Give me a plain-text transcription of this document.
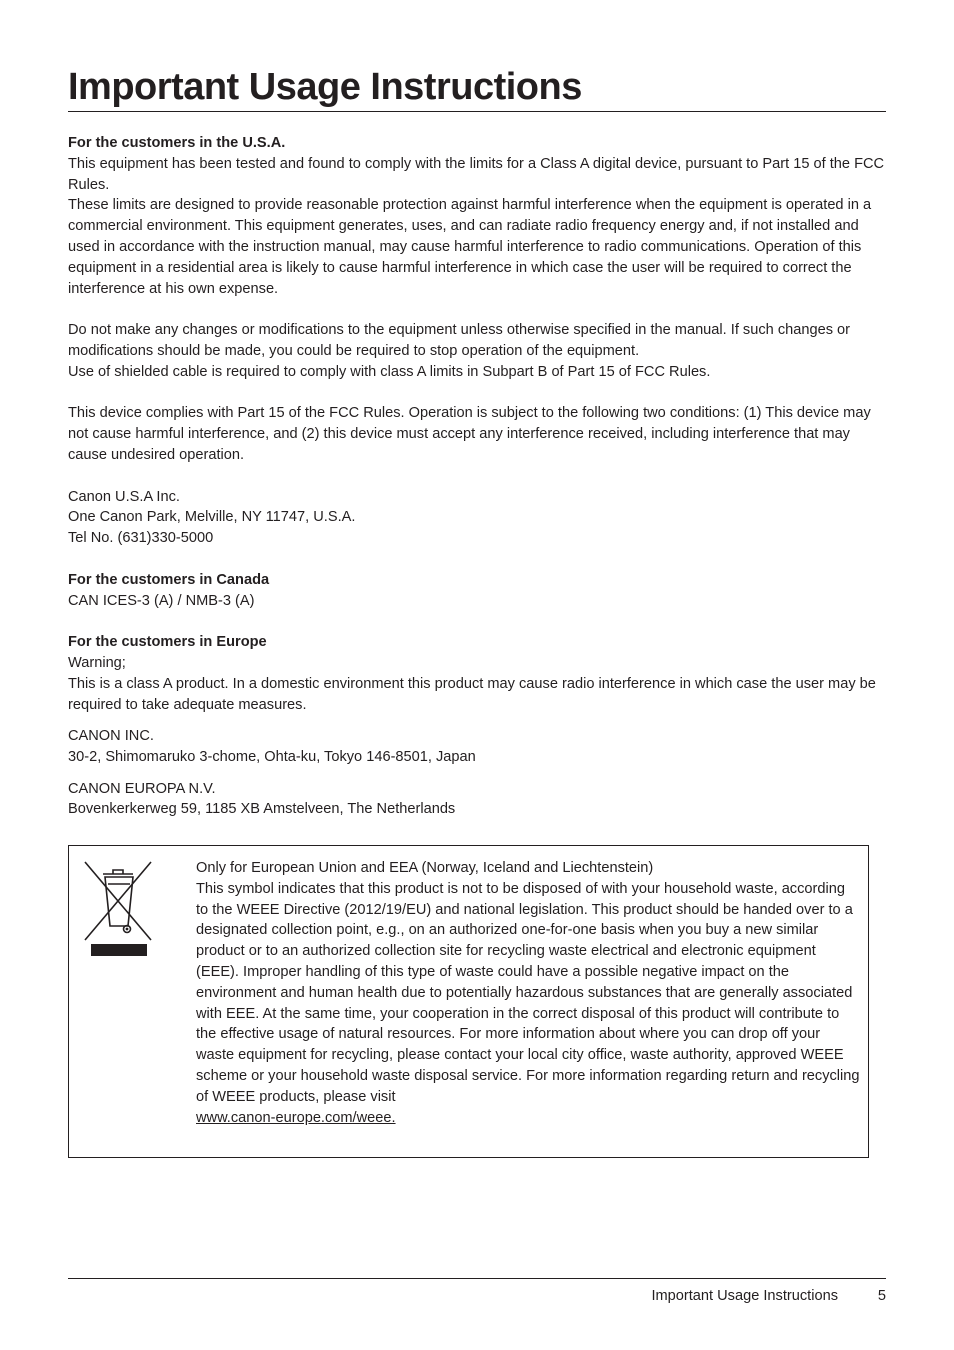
Important Usage Instructions

For the customers in the U.S.A.

This equipment has been tested and found to comply with the limits for a Class A digital device, pursuant to Part 15 of the FCC Rules.

These limits are designed to provide reasonable protection against harmful interference when the equipment is operated in a commercial environment. This equipment generates, uses, and can radiate radio frequency energy and, if not installed and used in accordance with the instruction manual, may cause harmful interference to radio communications. Operation of this equipment in a residential area is likely to cause harmful interference in which case the user will be required to correct the interference at his own expense.

Do not make any changes or modifications to the equipment unless otherwise specified in the manual. If such changes or modifications should be made, you could be required to stop operation of the equipment.

Use of shielded cable is required to comply with class A limits in Subpart B of Part 15 of FCC Rules.

This device complies with Part 15 of the FCC Rules. Operation is subject to the following two conditions: (1) This device may not cause harmful interference, and (2) this device must accept any interference received, including interference that may cause undesired operation.

Canon U.S.A Inc.

One Canon Park, Melville, NY 11747, U.S.A.

Tel No. (631)330-5000

For the customers in Canada

CAN ICES-3 (A) / NMB-3 (A)

For the customers in Europe

Warning;

This is a class A product. In a domestic environment this product may cause radio interference in which case the user may be required to take adequate measures.

CANON INC.

30-2, Shimomaruko 3-chome, Ohta-ku, Tokyo 146-8501, Japan

CANON EUROPA N.V.

Bovenkerkerweg 59, 1185 XB Amstelveen, The Netherlands

Only for European Union and EEA (Norway, Iceland and Liechtenstein)

This symbol indicates that this product is not to be disposed of with your household waste, according to the WEEE Directive (2012/19/EU) and national legislation. This product should be handed over to a designated collection point, e.g., on an authorized one-for-one basis when you buy a new similar product or to an authorized collection site for recycling waste electrical and electronic equipment (EEE). Improper handling of this type of waste could have a possible negative impact on the environment and human health due to potentially hazardous substances that are generally associated with EEE. At the same time, your cooperation in the correct disposal of this product will contribute to the effective usage of natural resources. For more information about where you can drop off your waste equipment for recycling, please contact your local city office, waste authority, approved WEEE scheme or your household waste disposal service. For more information regarding return and recycling of WEEE products, please visit

www.canon-europe.com/weee.
Important Usage Instructions	5
